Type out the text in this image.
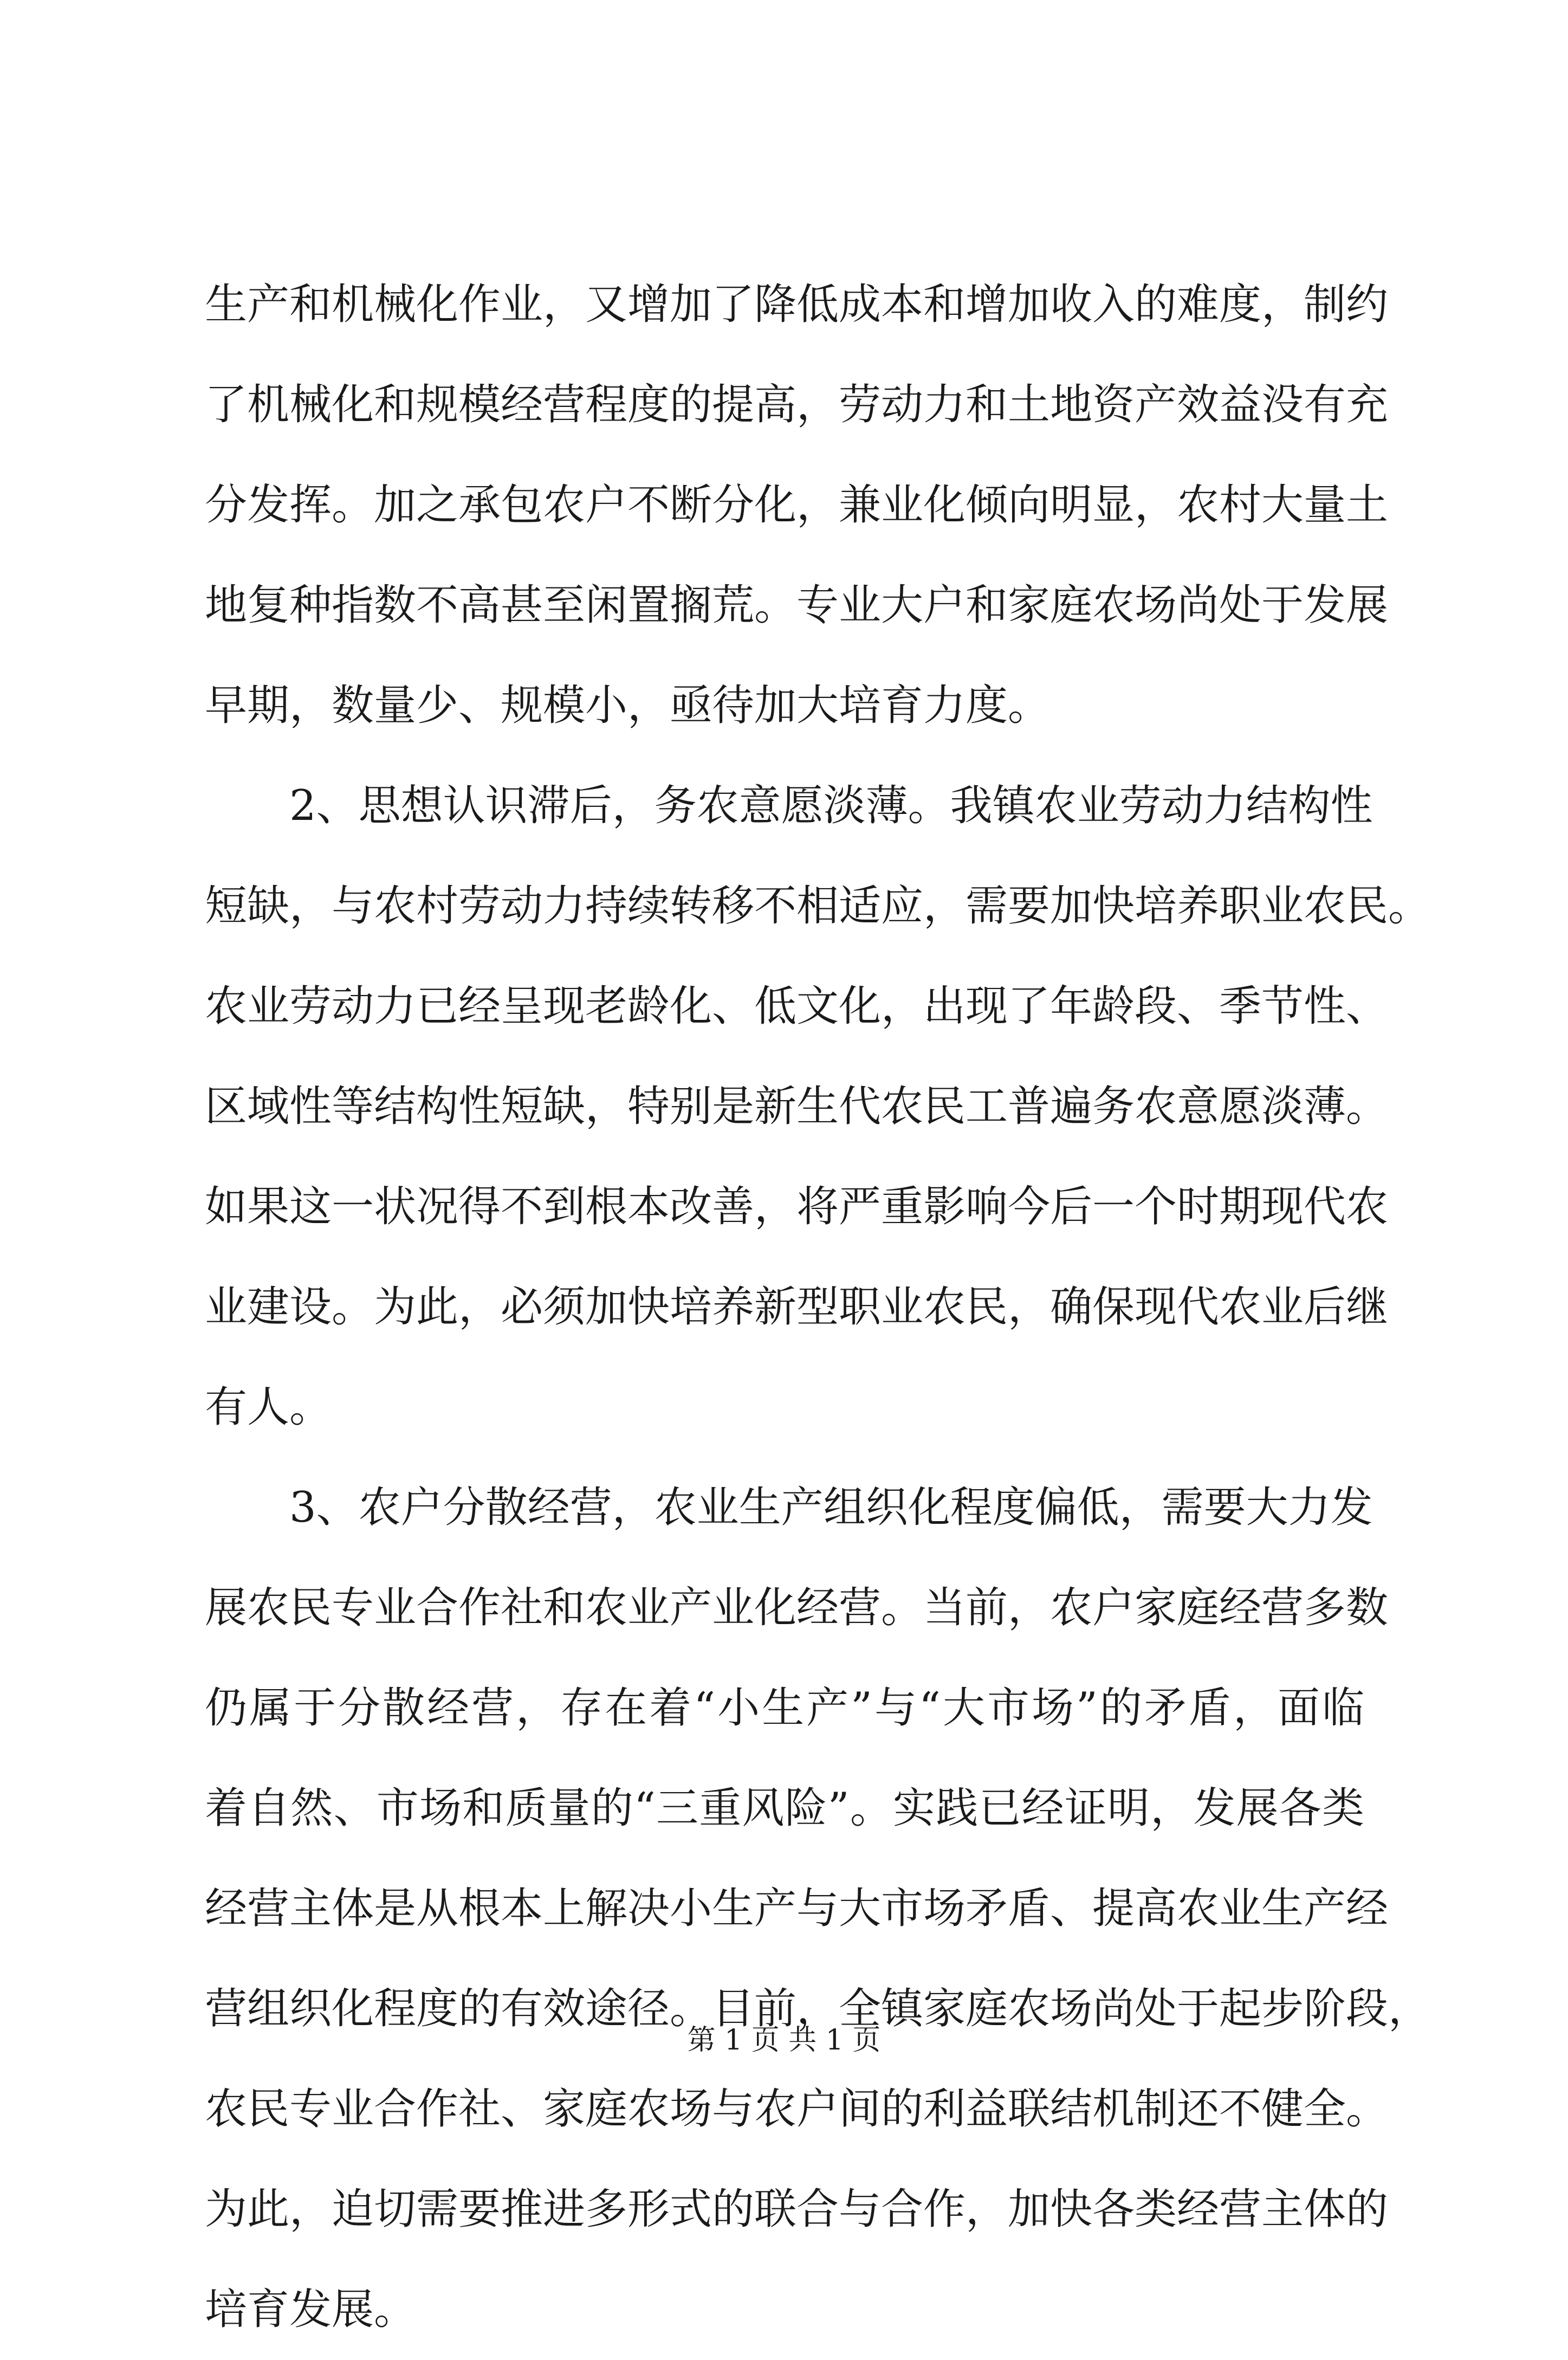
生产和机械化作业，又增加了降低成本和增加收入的难度，制约
了机械化和规模经营程度的提高，劳动力和土地资产效益没有充
分发挥。加之承包农户不断分化，兼业化倾向明显，农村大量土
地复种指数不高甚至闲置搁荒。专业大户和家庭农场尚处于发展
早期，数量少、规模小，亟待加大培育力度。
2、思想认识滞后，务农意愿淡薄。我镇农业劳动力结构性
短缺，与农村劳动力持续转移不相适应，需要加快培养职业农民。
农业劳动力已经呈现老龄化、低文化，出现了年龄段、季节性、
区域性等结构性短缺，特别是新生代农民工普遍务农意愿淡薄。
如果这一状况得不到根本改善，将严重影响今后一个时期现代农
业建设。为此，必须加快培养新型职业农民，确保现代农业后继
有人。
3、农户分散经营，农业生产组织化程度偏低，需要大力发
展农民专业合作社和农业产业化经营。当前，农户家庭经营多数
仍属于分散经营，存在着“小生产”与“大市场”的矛盾，面临
着自然、市场和质量的“三重风险”。实践已经证明，发展各类
经营主体是从根本上解决小生产与大市场矛盾、提高农业生产经
营组织化程度的有效途径。目前，全镇家庭农场尚处于起步阶段，
农民专业合作社、家庭农场与农户间的利益联结机制还不健全。
为此，迫切需要推进多形式的联合与合作，加快各类经营主体的
培育发展。
第 1 页 共 1 页
